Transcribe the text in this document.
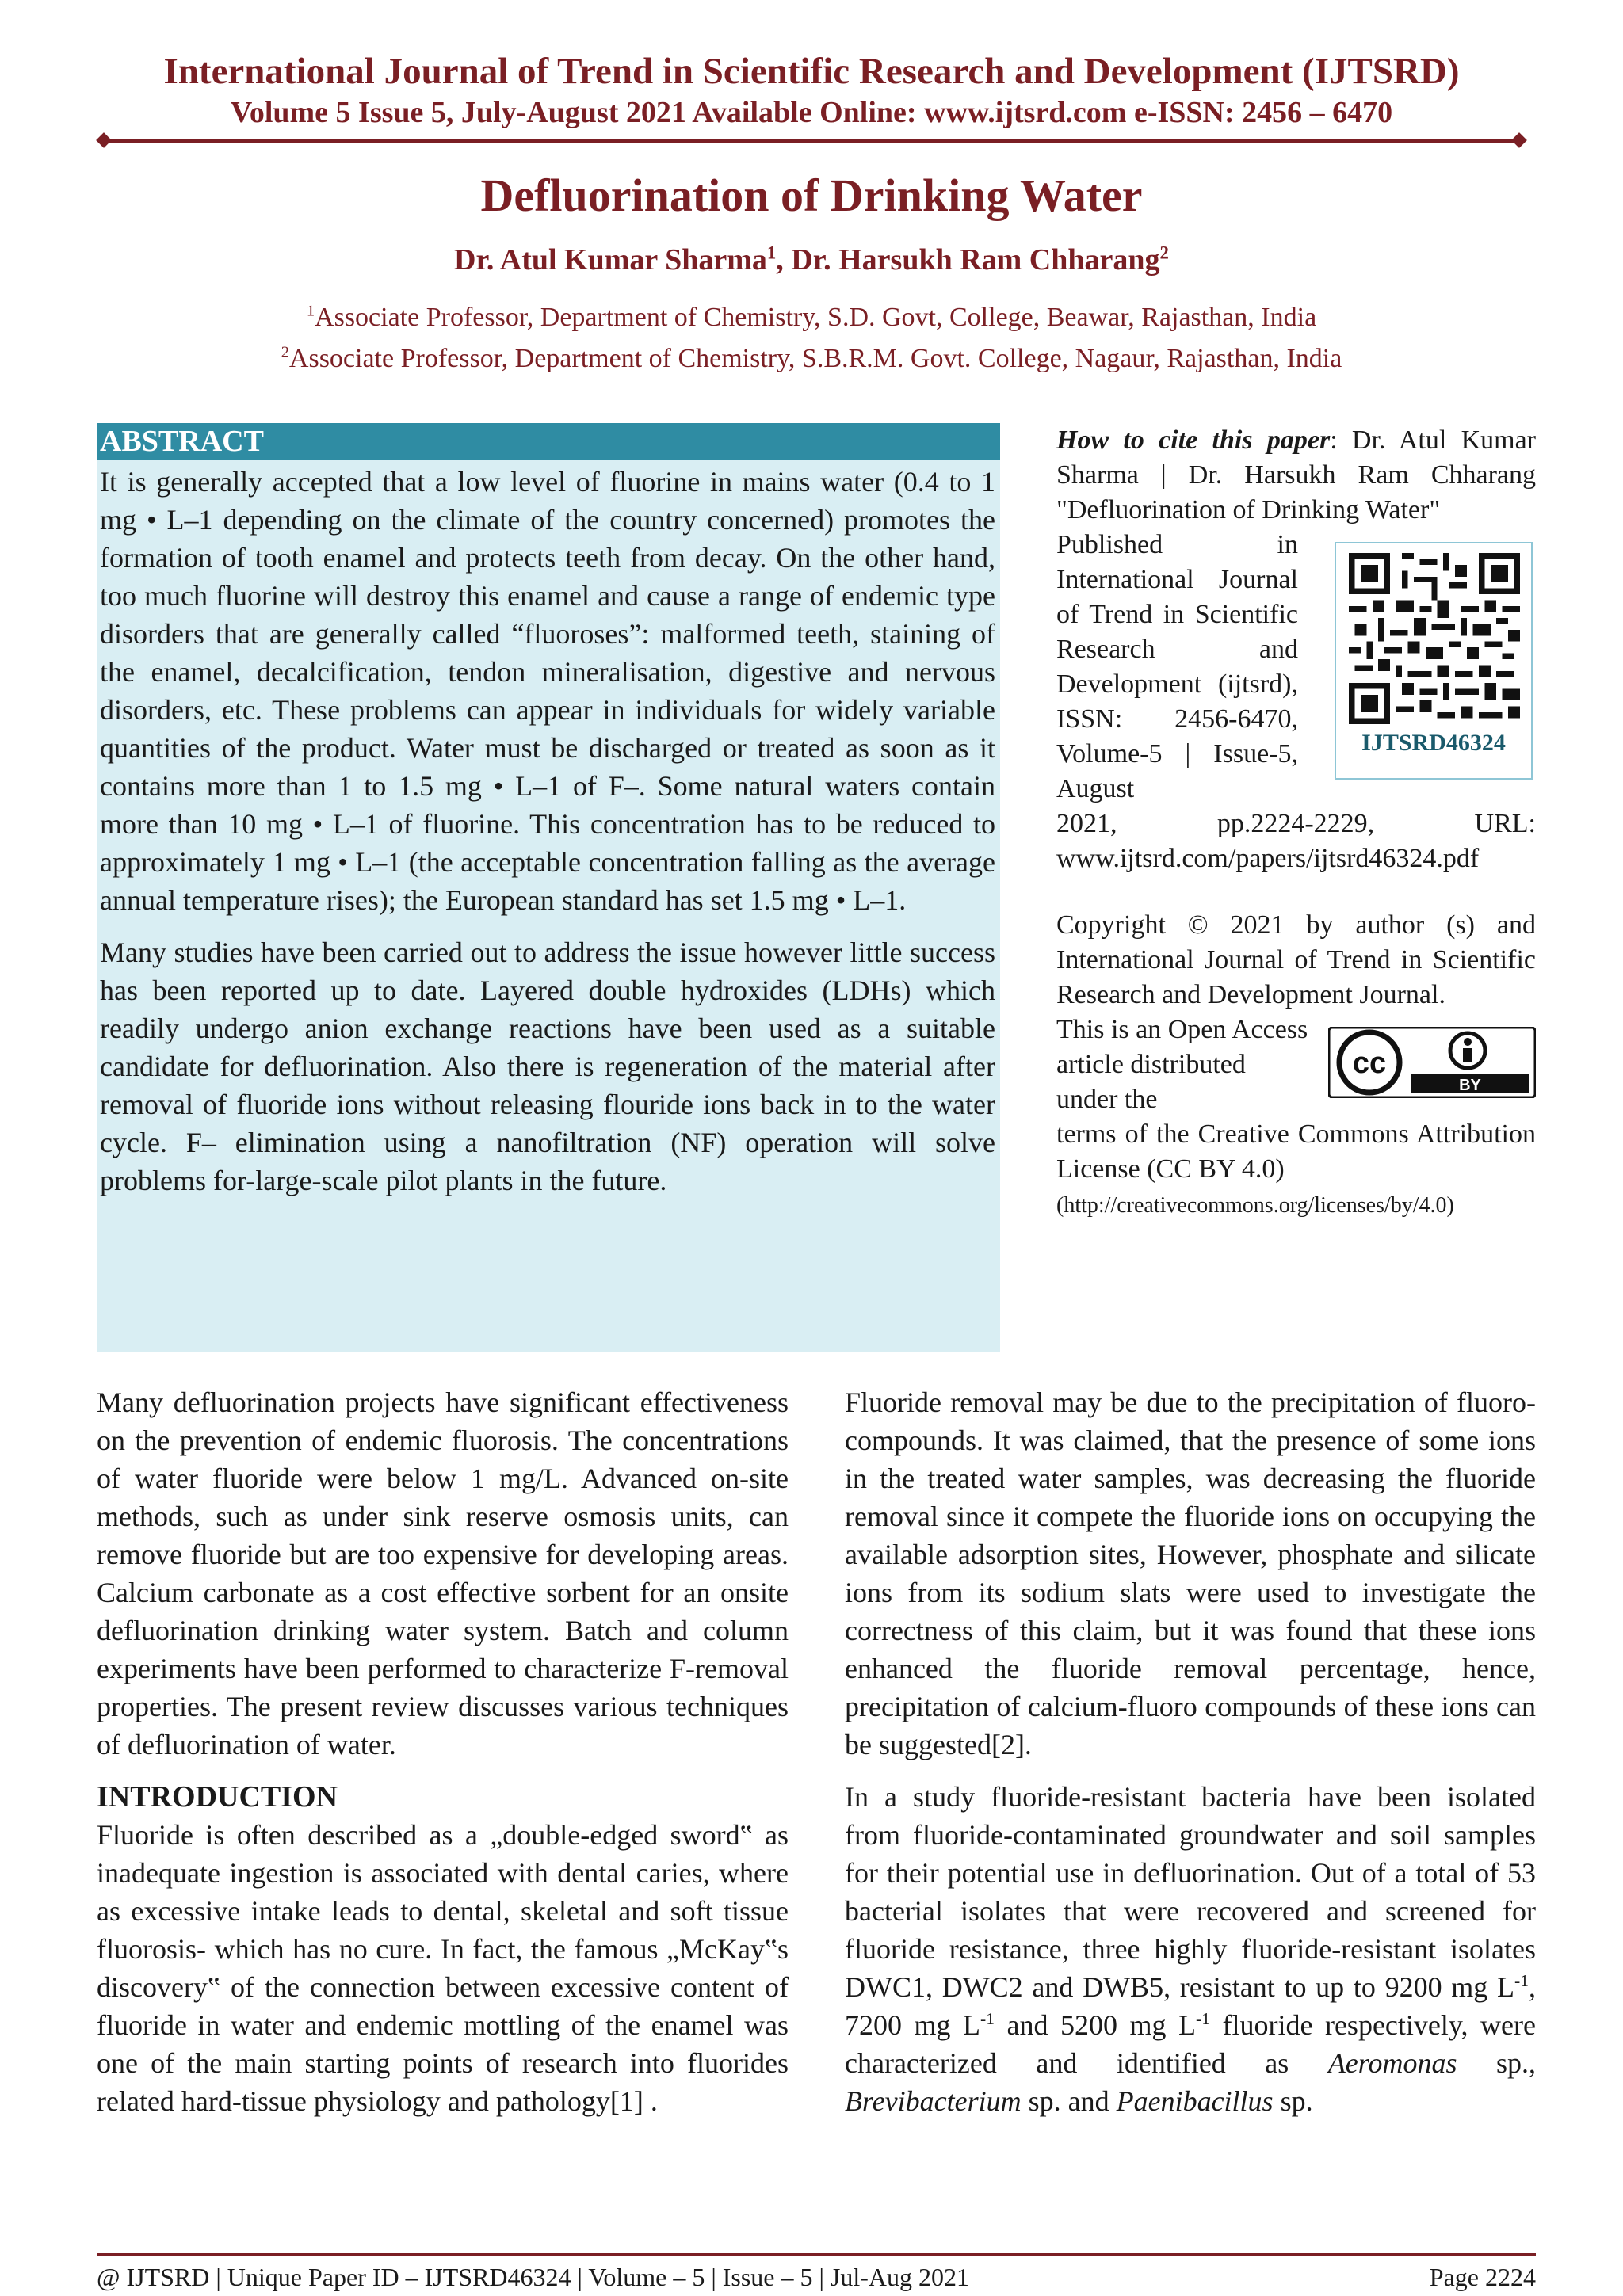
International Journal of Trend in Scientific Research and Development (IJTSRD)
Volume 5 Issue 5, July-August 2021 Available Online: www.ijtsrd.com e-ISSN: 2456 – 6470
Defluorination of Drinking Water
Dr. Atul Kumar Sharma$^1$, Dr. Harsukh Ram Chharang$^2$
$^1$Associate Professor, Department of Chemistry, S.D. Govt, College, Beawar, Rajasthan, India
$^2$Associate Professor, Department of Chemistry, S.B.R.M. Govt. College, Nagaur, Rajasthan, India
ABSTRACT

It is generally accepted that a low level of fluorine in mains water (0.4 to 1 mg • L–1 depending on the climate of the country concerned) promotes the formation of tooth enamel and protects teeth from decay. On the other hand, too much fluorine will destroy this enamel and cause a range of endemic type disorders that are generally called “fluoroses”: malformed teeth, staining of the enamel, decalcification, tendon mineralisation, digestive and nervous disorders, etc. These problems can appear in individuals for widely variable quantities of the product. Water must be discharged or treated as soon as it contains more than 1 to 1.5 mg • L–1 of F–. Some natural waters contain more than 10 mg • L–1 of fluorine. This concentration has to be reduced to approximately 1 mg • L–1 (the acceptable concentration falling as the average annual temperature rises); the European standard has set 1.5 mg • L–1.

Many studies have been carried out to address the issue however little success has been reported up to date. Layered double hydroxides (LDHs) which readily undergo anion exchange reactions have been used as a suitable candidate for defluorination. Also there is regeneration of the material after removal of fluoride ions without releasing flouride ions back in to the water cycle. F– elimination using a nanofiltration (NF) operation will solve problems for-large-scale pilot plants in the future.

How to cite this paper: Dr. Atul Kumar Sharma | Dr. Harsukh Ram Chharang "Defluorination of Drinking Water"
Published in International Journal of Trend in Scientific Research and Development (ijtsrd), ISSN: 2456-6470, Volume-5 | Issue-5, August
2021, pp.2224-2229, URL: www.ijtsrd.com/papers/ijtsrd46324.pdf
IJTSRD46324
Copyright © 2021 by author (s) and International Journal of Trend in Scientific Research and Development Journal.
This is an Open Access article distributed under the
terms of the Creative Commons Attribution License (CC BY 4.0)
(http://creativecommons.org/licenses/by/4.0)
cc
BY

Many defluorination projects have significant effectiveness on the prevention of endemic fluorosis. The concentrations of water fluoride were below 1 mg/L. Advanced on-site methods, such as under sink reserve osmosis units, can remove fluoride but are too expensive for developing areas. Calcium carbonate as a cost effective sorbent for an onsite defluorination drinking water system. Batch and column experiments have been performed to characterize F-removal properties. The present review discusses various techniques of defluorination of water.

INTRODUCTION

Fluoride is often described as a „double-edged sword‟ as inadequate ingestion is associated with dental caries, where as excessive intake leads to dental, skeletal and soft tissue fluorosis- which has no cure. In fact, the famous „McKay‟s discovery‟ of the connection between excessive content of fluoride in water and endemic mottling of the enamel was one of the main starting points of research into fluorides related hard-tissue physiology and pathology[1] .

Fluoride removal may be due to the precipitation of fluoro-compounds. It was claimed, that the presence of some ions in the treated water samples, was decreasing the fluoride removal since it compete the fluoride ions on occupying the available adsorption sites, However, phosphate and silicate ions from its sodium slats were used to investigate the correctness of this claim, but it was found that these ions enhanced the fluoride removal percentage, hence, precipitation of calcium-fluoro compounds of these ions can be suggested[2].

In a study fluoride-resistant bacteria have been isolated from fluoride-contaminated groundwater and soil samples for their potential use in defluorination. Out of a total of 53 bacterial isolates that were recovered and screened for fluoride resistance, three highly fluoride-resistant isolates DWC1, DWC2 and DWB5, resistant to up to 9200 mg $L^{-1}$, 7200 mg $L^{-1}$ and 5200 mg $L^{-1}$ fluoride respectively, were characterized and identified as Aeromonas sp., Brevibacterium sp. and Paenibacillus sp.

@ IJTSRD | Unique Paper ID – IJTSRD46324 | Volume – 5 | Issue – 5 | Jul-Aug 2021	Page 2224
